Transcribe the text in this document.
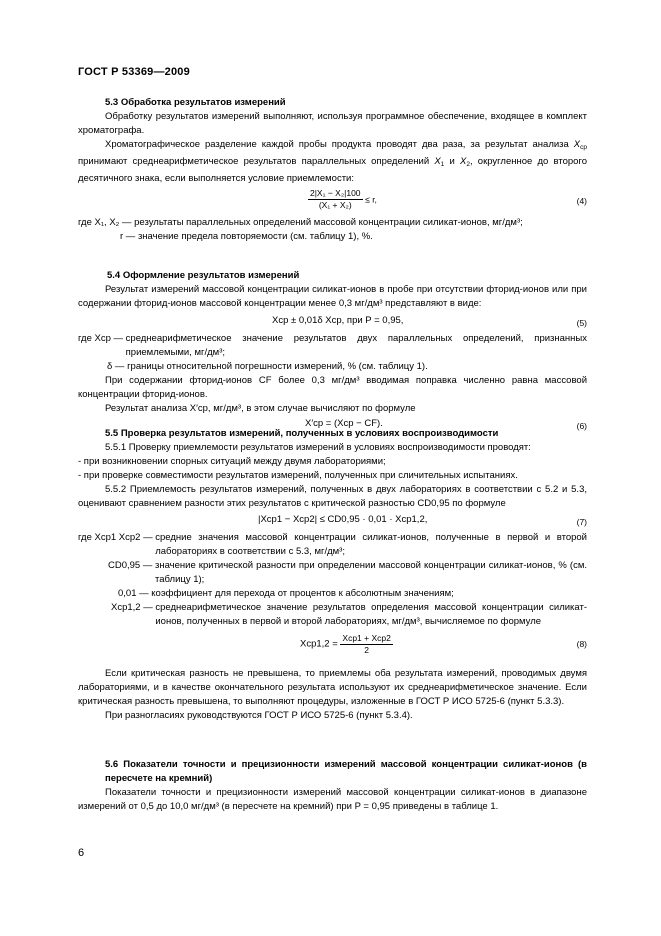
ГОСТ Р 53369—2009

5.3 Обработка результатов измерений

Обработку результатов измерений выполняют, используя программное обеспечение, входящее в комплект хроматографа.

Хроматографическое разделение каждой пробы продукта проводят два раза, за результат анализа $X_{ср}$ принимают среднеарифметическое результатов параллельных определений $X_1$ и $X_2$, округленное до второго десятичного знака, если выполняется условие приемлемости:

$\frac{\text{2|X₁ − X₂|100}}{\text{(X₁ + X₂)}} \le r$,	(4)

где X₁, X₂ — результаты параллельных определений массовой концентрации силикат-ионов, мг/дм³;

r — значение предела повторяемости (см. таблицу 1), %.

5.4 Оформление результатов измерений

Результат измерений массовой концентрации силикат-ионов в пробе при отсутствии фторид-ионов или при содержании фторид-ионов массовой концентрации менее 0,3 мг/дм³ представляют в виде:

Xср ± 0,01δ Xср, при P = 0,95,	(5)
где Xср —
среднеарифметическое значение результатов двух параллельных определений, признанных приемлемыми, мг/дм³;

δ — границы относительной погрешности измерений, % (см. таблицу 1).

При содержании фторид-ионов CF более 0,3 мг/дм³ вводимая поправка численно равна массовой концентрации фторид-ионов.

Результат анализа X′ср, мг/дм³, в этом случае вычисляют по формуле

X′ср = (Xср − CF).	(6)

5.5 Проверка результатов измерений, полученных в условиях воспроизводимости

5.5.1 Проверку приемлемости результатов измерений в условиях воспроизводимости проводят:

- при возникновении спорных ситуаций между двумя лабораториями;

- при проверке совместимости результатов измерений, полученных при сличительных испытаниях.

5.5.2 Приемлемость результатов измерений, полученных в двух лабораториях в соответствии с 5.2 и 5.3, оценивают сравнением разности этих результатов с критической разностью CD0,95 по формуле

|Xср1 − Xср2| ≤ CD0,95 · 0,01 · Xср1,2,	(7)
где Xср1 Xср2 —
средние значения массовой концентрации силикат-ионов, полученные в первой и второй лабораториях в соответствии с 5.3, мг/дм³;
CD0,95 —
значение критической разности при определении массовой концентрации силикат-ионов, % (см. таблицу 1);
0,01 —
коэффициент для перехода от процентов к абсолютным значениям;
Xср1,2 —
среднеарифметическое значение результатов определения массовой концентрации силикат-ионов, полученных в первой и второй лабораториях, мг/дм³, вычисляемое по формуле
$Xср1,2 = \frac{\text{Xср1 + Xср2}}{2}$	(8)

Если критическая разность не превышена, то приемлемы оба результата измерений, проводимых двумя лабораториями, и в качестве окончательного результата используют их среднеарифметическое значение. Если критическая разность превышена, то выполняют процедуры, изложенные в ГОСТ Р ИСО 5725-6 (пункт 5.3.3).

При разногласиях руководствуются ГОСТ Р ИСО 5725-6 (пункт 5.3.4).

5.6 Показатели точности и прецизионности измерений массовой концентрации силикат-ионов (в пересчете на кремний)

Показатели точности и прецизионности измерений массовой концентрации силикат-ионов в диапазоне измерений от 0,5 до 10,0 мг/дм³ (в пересчете на кремний) при P = 0,95 приведены в таблице 1.

6
